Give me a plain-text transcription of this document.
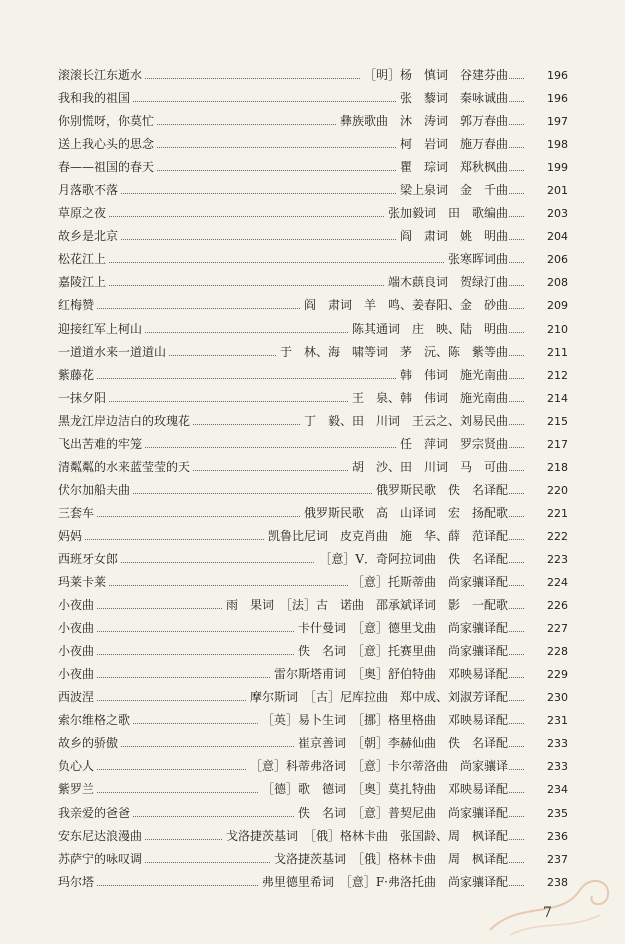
滚滚长江东逝水	［明］杨　慎词　谷建芬曲	196
我和我的祖国	张　藜词　秦咏诚曲	196
你别慌呀，你莫忙	彝族歌曲　沐　涛词　郭万春曲	197
送上我心头的思念	柯　岩词　施万春曲	198
春——祖国的春天	瞿　琮词　郑秋枫曲	199
月落歌不落	梁上泉词　金　千曲	201
草原之夜	张加毅词　田　歌编曲	203
故乡是北京	阎　肃词　姚　明曲	204
松花江上	张寒晖词曲	206
嘉陵江上	端木蕻良词　贺绿汀曲	208
红梅赞	阎　肃词　羊　鸣、姜春阳、金　砂曲	209
迎接红军上柯山	陈其通词　庄　映、陆　明曲	210
一道道水来一道道山	于　林、海　啸等词　茅　沅、陈　紫等曲	211
紫藤花	韩　伟词　施光南曲	212
一抹夕阳	王　泉、韩　伟词　施光南曲	214
黑龙江岸边洁白的玫瑰花	丁　毅、田　川词　王云之、刘易民曲	215
飞出苦难的牢笼	任　萍词　罗宗贤曲	217
清粼粼的水来蓝莹莹的天	胡　沙、田　川词　马　可曲	218
伏尔加船夫曲	俄罗斯民歌　佚　名译配	220
三套车	俄罗斯民歌　高　山译词　宏　扬配歌	221
妈妈	凯鲁比尼词　皮克肖曲　施　华、薛　范译配	222
西班牙女郎	［意］V．奇阿拉词曲　佚　名译配	223
玛莱卡莱	［意］托斯蒂曲　尚家骧译配	224
小夜曲	雨　果词　［法］古　诺曲　邵承斌译词　影　一配歌	226
小夜曲	卡什曼词　［意］德里戈曲　尚家骧译配	227
小夜曲	佚　名词　［意］托赛里曲　尚家骧译配	228
小夜曲	雷尔斯塔甫词　［奥］舒伯特曲　邓映易译配	229
西波涅	摩尔斯词　［古］尼库拉曲　郑中成、刘淑芳译配	230
索尔维格之歌	［英］易卜生词　［挪］格里格曲　邓映易译配	231
故乡的骄傲	崔京善词　［朝］李赫仙曲　佚　名译配	233
负心人	［意］科蒂弗洛词　［意］卡尔蒂洛曲　尚家骧译	233
紫罗兰	［德］歌　德词　［奥］莫扎特曲　邓映易译配	234
我亲爱的爸爸	佚　名词　［意］普契尼曲　尚家骧译配	235
安东尼达浪漫曲	戈洛捷茨基词　［俄］格林卡曲　张国龄、周　枫译配	236
苏萨宁的咏叹调	戈洛捷茨基词　［俄］格林卡曲　周　枫译配	237
玛尔塔	弗里德里希词　［意］F·弗洛托曲　尚家骧译配	238
7
